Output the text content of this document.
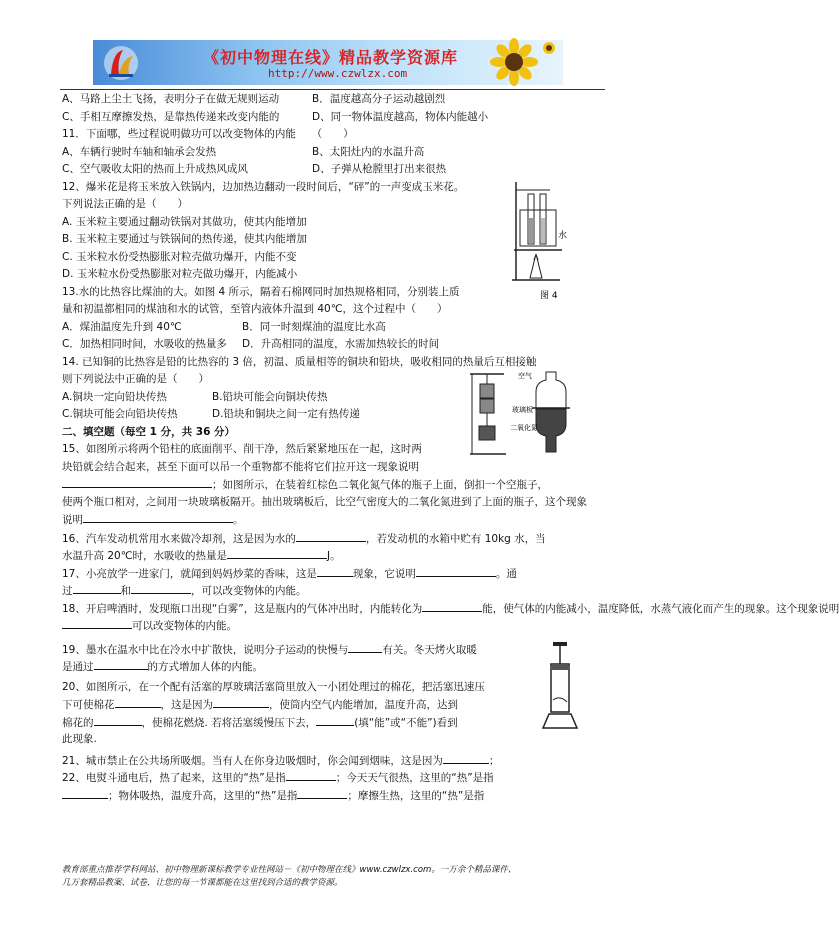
《初中物理在线》精品教学资源库
http://www.czwlzx.com
A、马路上尘土飞扬，表明分子在做无规则运动	B．温度越高分子运动越剧烈
C、手相互摩擦发热，是靠热传递来改变内能的	D、同一物体温度越高，物体内能越小
11．下面哪，些过程说明做功可以改变物体的内能　　（　　）
A、车辆行驶时车轴和轴承会发热	B、太阳灶内的水温升高
C、空气吸收太阳的热而上升成热风成风	D、子弹从枪膛里打出来很热
12、爆米花是将玉米放入铁锅内，边加热边翻动一段时间后，“砰”的一声变成玉米花。
下列说法正确的是（　　）
A. 玉米粒主要通过翻动铁锅对其做功，使其内能增加
B. 玉米粒主要通过与铁锅间的热传递，使其内能增加
C. 玉米粒水份受热膨胀对粒壳做功爆开，内能不变
D. 玉米粒水份受热膨胀对粒壳做功爆开，内能减小
13.水的比热容比煤油的大。如图 4 所示，隔着石棉网同时加热规格相同，分别装上质
量和初温都相同的煤油和水的试管，至管内液体升温到 40℃，这个过程中（　　）
A．煤油温度先升到 40℃	B．同一时刻煤油的温度比水高
C．加热相同时间，水吸收的热量多	D．升高相同的温度，水需加热较长的时间
14. 已知铜的比热容是铅的比热容的 3 倍，初温、质量相等的铜块和铅块，吸收相同的热量后互相接触
则下列说法中正确的是（　　）
A.铜块一定向铅块传热	B.铅块可能会向铜块传热
C.铜块可能会向铅块传热	D.铅块和铜块之间一定有热传递
二、填空题（每空 1 分，共 36 分）
15、如图所示将两个铅柱的底面削平、削干净，然后紧紧地压在一起，这时两
块铅就会结合起来，甚至下面可以吊一个重物都不能将它们拉开这一现象说明
；如图所示，在装着红棕色二氧化氮气体的瓶子上面，倒扣一个空瓶子，
使两个瓶口相对，之间用一块玻璃板隔开。抽出玻璃板后，比空气密度大的二氧化氮进到了上面的瓶子，这个现象说明	。
16、汽车发动机常用水来做冷却剂，这是因为水的	，若发动机的水箱中贮有 10kg 水，当
水温升高 20℃时，水吸收的热量是	J。
17、小亮放学一进家门，就闻到妈妈炒菜的香味，这是	现象，它说明	。通
过	和	，可以改变物体的内能。
18、开启啤酒时，发现瓶口出现“白雾”，这是瓶内的气体冲出时，内能转化为	能，使气体的内能减小，温度降低，水蒸气液化而产生的现象。这个现象说明
可以改变物体的内能。
19、墨水在温水中比在冷水中扩散快，说明分子运动的快慢与	有关。冬天烤火取暖
是通过	的方式增加人体的内能。
20、如图所示，在一个配有活塞的厚玻璃活塞筒里放入一小团处理过的棉花，把活塞迅速压
下可使棉花	，这是因为	，使筒内空气内能增加，温度升高，达到
棉花的	，使棉花燃烧. 若将活塞缓慢压下去，	(填“能”或“不能”)看到
此现象.
21、城市禁止在公共场所吸烟。当有人在你身边吸烟时，你会闻到烟味，这是因为	；
22、电熨斗通电后，热了起来，这里的“热”是指	；今天天气很热，这里的“热”是指
；物体吸热，温度升高，这里的“热”是指	；摩擦生热，这里的“热”是指
水
图 4
空气
玻璃板
二氧化氮
教育部重点推荐学科网站、初中物理新课标教学专业性网站－《初中物理在线》www.czwlzx.com。一万余个精品课件、
几万套精品教案、试卷，让您的每一节课都能在这里找到合适的教学资源。
